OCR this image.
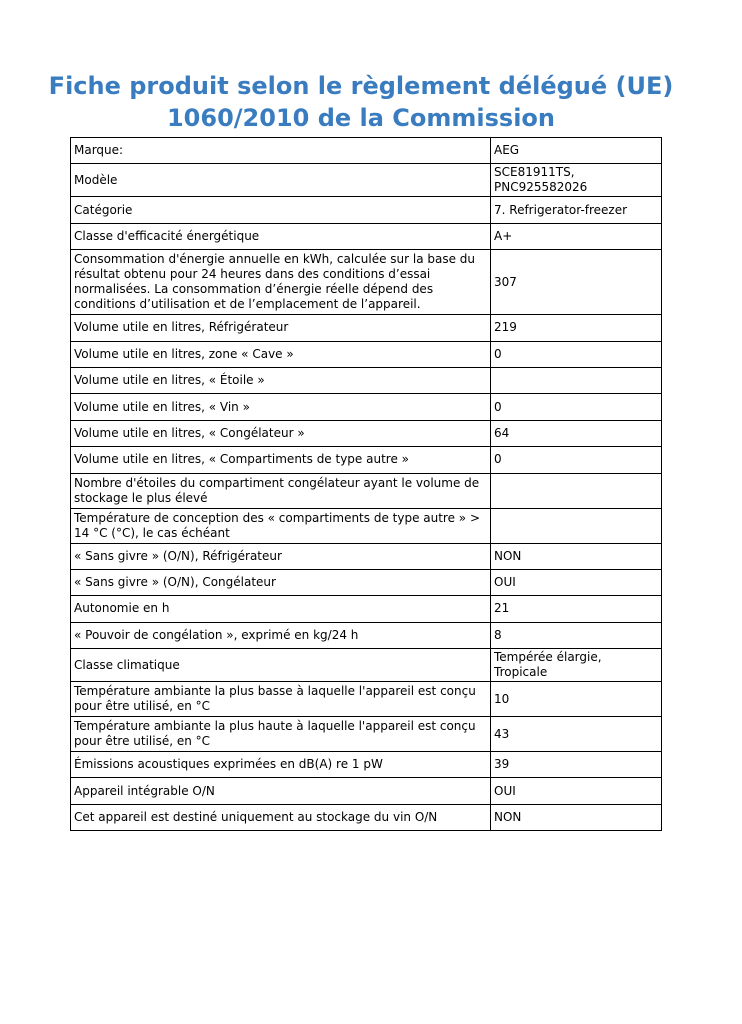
Fiche produit selon le règlement délégué (UE)
1060/2010 de la Commission
Marque:	AEG
Modèle	SCE81911TS, PNC925582026
Catégorie	7. Refrigerator-freezer
Classe d'efficacité énergétique	A+
Consommation d'énergie annuelle en kWh, calculée sur la base du résultat obtenu pour 24 heures dans des conditions d’essai normalisées. La consommation d’énergie réelle dépend des conditions d’utilisation et de l’emplacement de l’appareil.	307
Volume utile en litres, Réfrigérateur	219
Volume utile en litres, zone « Cave »	0
Volume utile en litres, « Étoile »	
Volume utile en litres, « Vin »	0
Volume utile en litres, « Congélateur »	64
Volume utile en litres, « Compartiments de type autre »	0
Nombre d'étoiles du compartiment congélateur ayant le volume de stockage le plus élevé	
Température de conception des « compartiments de type autre » > 14 °C (°C), le cas échéant	
« Sans givre » (O/N), Réfrigérateur	NON
« Sans givre » (O/N), Congélateur	OUI
Autonomie en h	21
« Pouvoir de congélation », exprimé en kg/24 h	8
Classe climatique	Tempérée élargie, Tropicale
Température ambiante la plus basse à laquelle l'appareil est conçu pour être utilisé, en °C	10
Température ambiante la plus haute à laquelle l'appareil est conçu pour être utilisé, en °C	43
Émissions acoustiques exprimées en dB(A) re 1 pW	39
Appareil intégrable O/N	OUI
Cet appareil est destiné uniquement au stockage du vin O/N	NON
